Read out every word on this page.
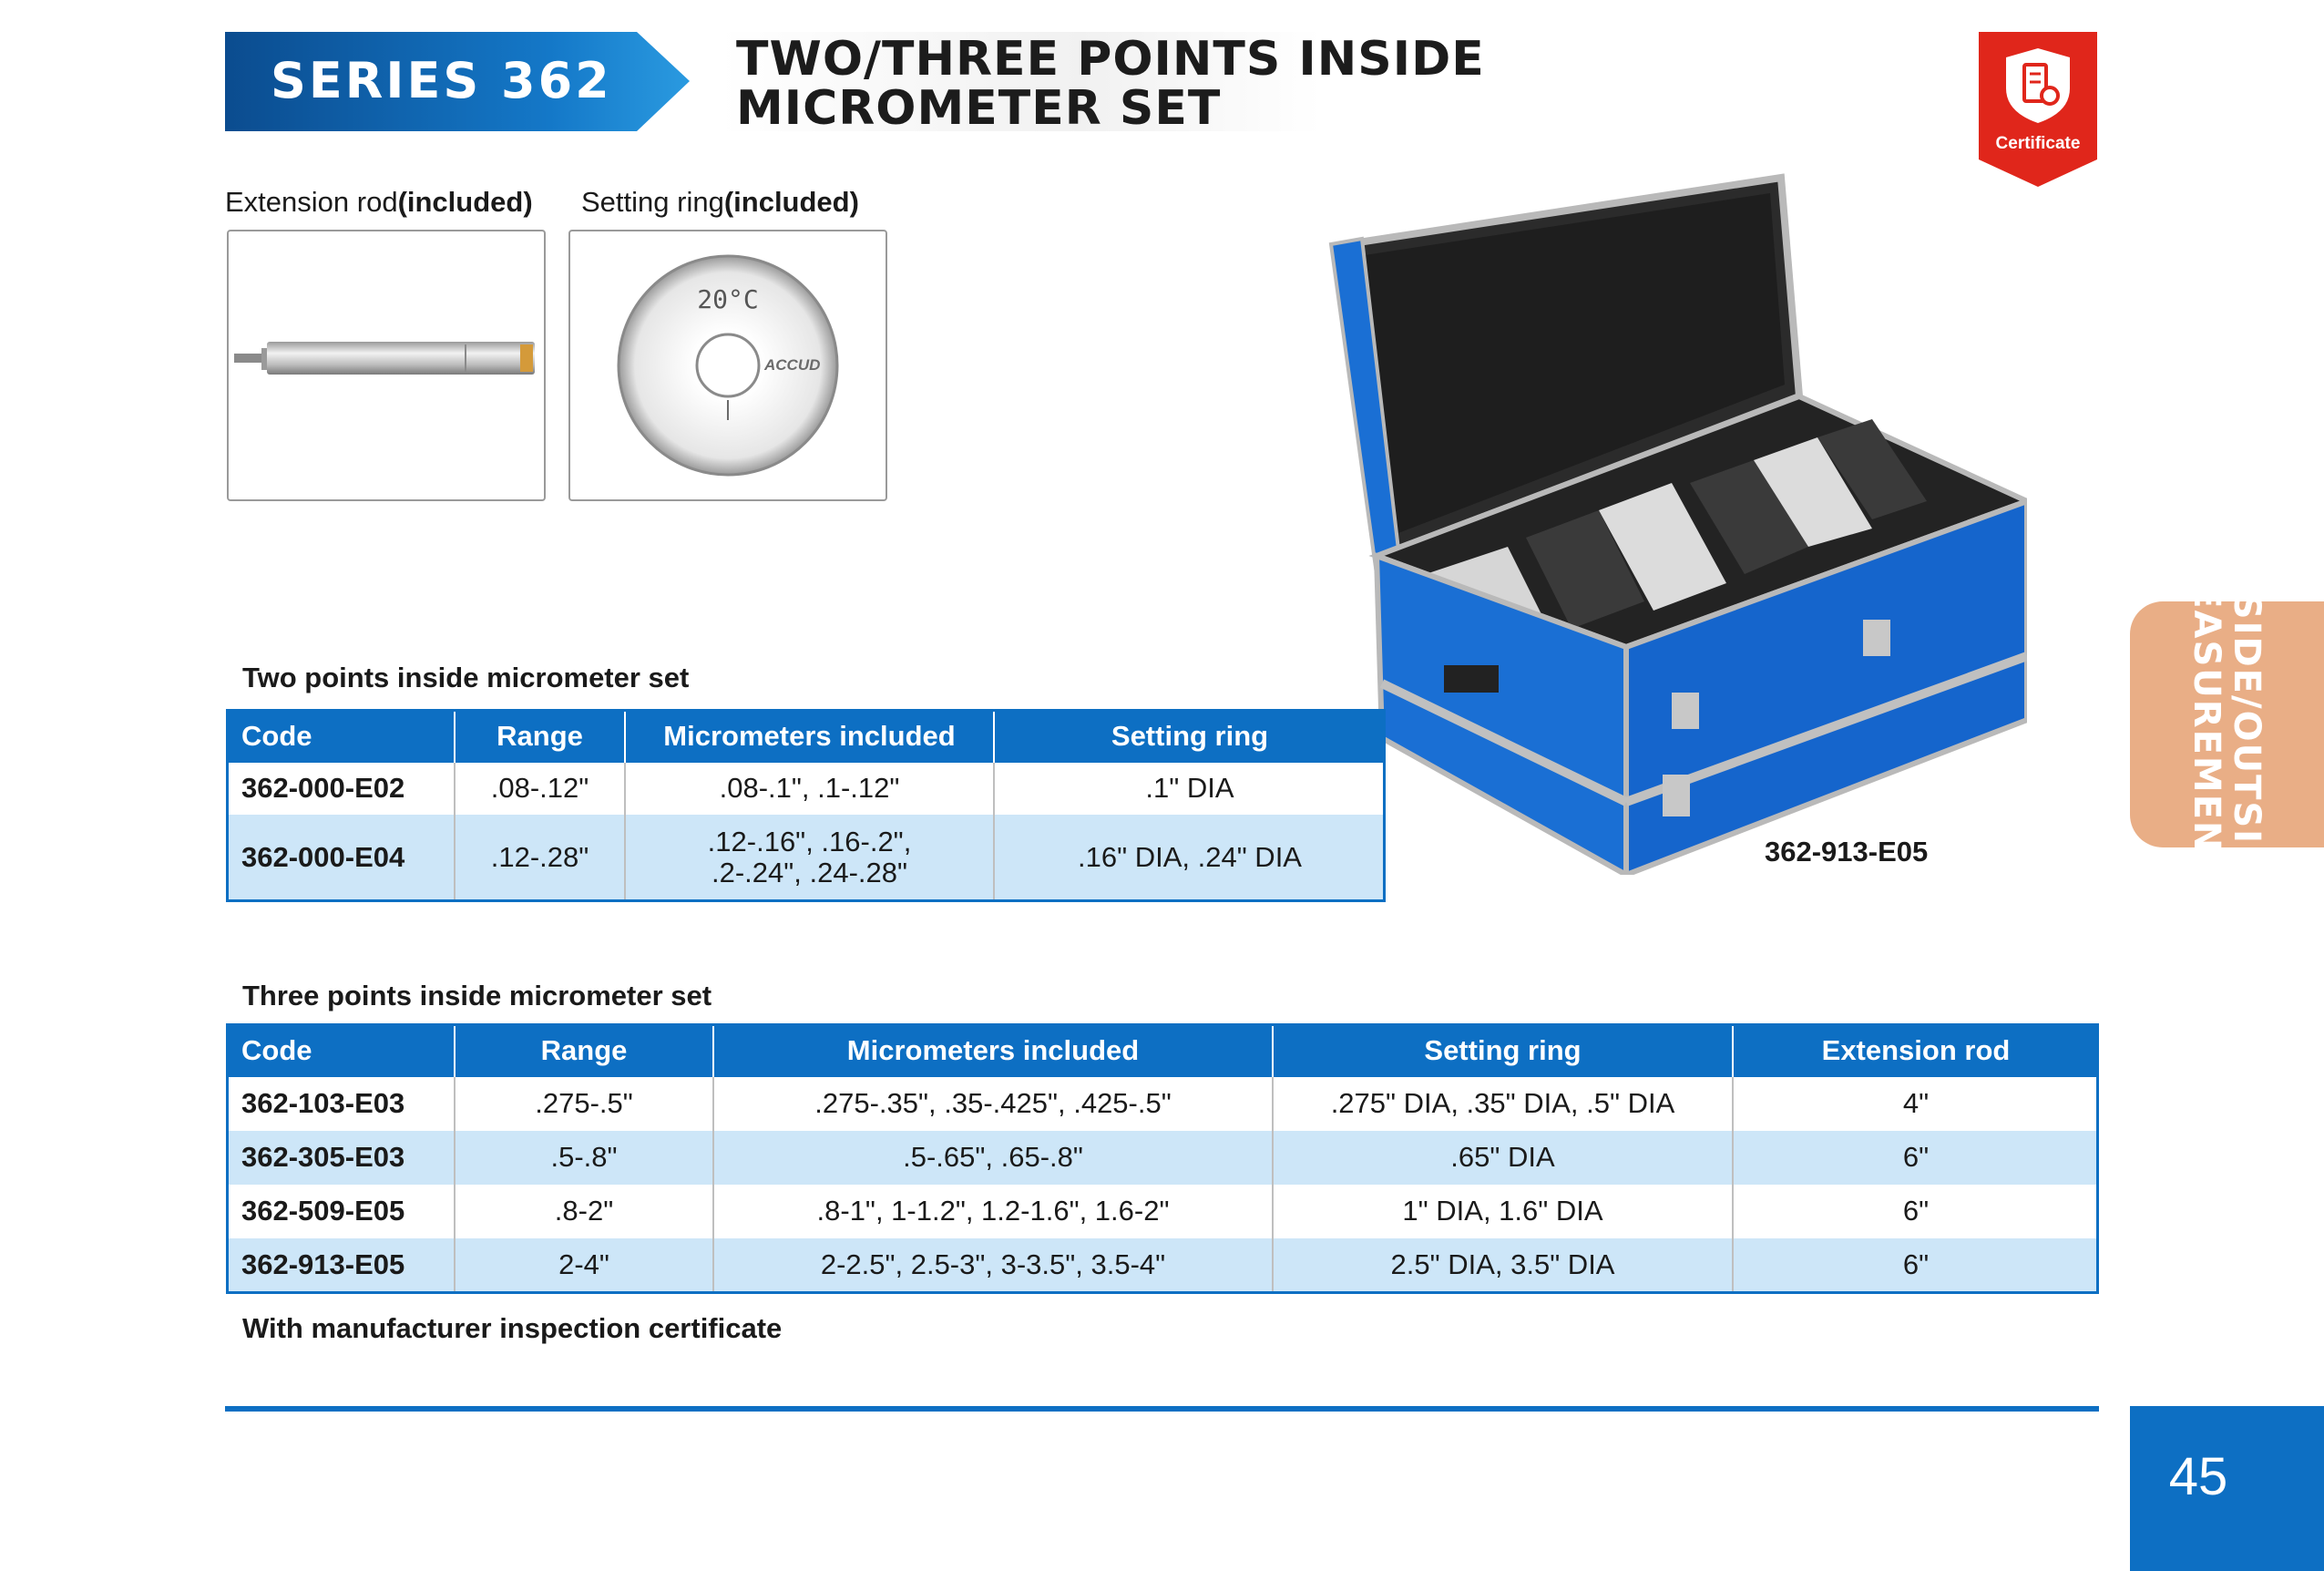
SERIES 362	TWO/THREE POINTS INSIDE
MICROMETER SET
Certificate
Extension rod(included) Setting ring(included)
20°C
ACCUD
362-913-E05
Two points inside micrometer set
Code	Range	Micrometers included	Setting ring
362-000-E02	.08-.12"	.08-.1", .1-.12"	.1" DIA
362-000-E04	.12-.28"	.12-.16", .16-.2",
.2-.24", .24-.28"	.16" DIA, .24" DIA
Three points inside micrometer set
Code	Range	Micrometers included	Setting ring	Extension rod
362-103-E03	.275-.5"	.275-.35", .35-.425", .425-.5"	.275" DIA, .35" DIA, .5" DIA	4"
362-305-E03	.5-.8"	.5-.65", .65-.8"	.65" DIA	6"
362-509-E05	.8-2"	.8-1", 1-1.2", 1.2-1.6", 1.6-2"	1" DIA, 1.6" DIA	6"
362-913-E05	2-4"	2-2.5", 2.5-3", 3-3.5", 3.5-4"	2.5" DIA, 3.5" DIA	6"
With manufacturer inspection certificate
INSIDE/OUTSIDE
MEASUREMENT
45
